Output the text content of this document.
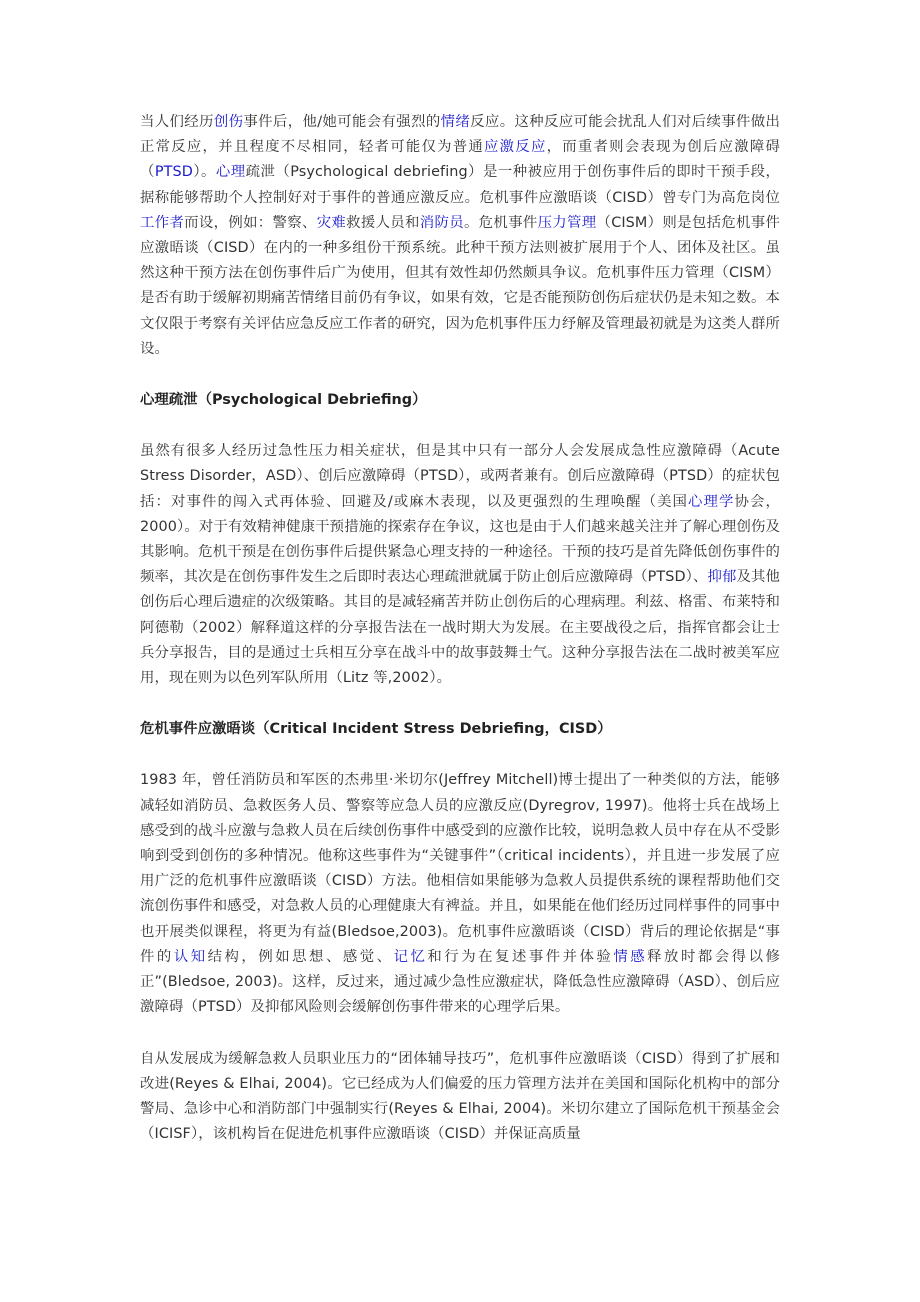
当人们经历创伤事件后，他/她可能会有强烈的情绪反应。这种反应可能会扰乱人们对后续事件做出正常反应，并且程度不尽相同，轻者可能仅为普通应激反应，而重者则会表现为创后应激障碍（PTSD）。心理疏泄（Psychological debriefing）是一种被应用于创伤事件后的即时干预手段，据称能够帮助个人控制好对于事件的普通应激反应。危机事件应激晤谈（CISD）曾专门为高危岗位工作者而设，例如：警察、灾难救援人员和消防员。危机事件压力管理（CISM）则是包括危机事件应激晤谈（CISD）在内的一种多组份干预系统。此种干预方法则被扩展用于个人、团体及社区。虽然这种干预方法在创伤事件后广为使用，但其有效性却仍然颇具争议。危机事件压力管理（CISM）是否有助于缓解初期痛苦情绪目前仍有争议，如果有效，它是否能预防创伤后症状仍是未知之数。本文仅限于考察有关评估应急反应工作者的研究，因为危机事件压力纾解及管理最初就是为这类人群所设。

心理疏泄（Psychological Debriefing）

虽然有很多人经历过急性压力相关症状，但是其中只有一部分人会发展成急性应激障碍（Acute Stress Disorder，ASD）、创后应激障碍（PTSD），或两者兼有。创后应激障碍（PTSD）的症状包括：对事件的闯入式再体验、回避及/或麻木表现，以及更强烈的生理唤醒（美国心理学协会，2000）。对于有效精神健康干预措施的探索存在争议，这也是由于人们越来越关注并了解心理创伤及其影响。危机干预是在创伤事件后提供紧急心理支持的一种途径。干预的技巧是首先降低创伤事件的频率，其次是在创伤事件发生之后即时表达心理疏泄就属于防止创后应激障碍（PTSD）、抑郁及其他创伤后心理后遗症的次级策略。其目的是减轻痛苦并防止创伤后的心理病理。利兹、格雷、布莱特和阿德勒（2002）解释道这样的分享报告法在一战时期大为发展。在主要战役之后，指挥官都会让士兵分享报告，目的是通过士兵相互分享在战斗中的故事鼓舞士气。这种分享报告法在二战时被美军应用，现在则为以色列军队所用（Litz 等,2002）。

危机事件应激晤谈（Critical Incident Stress Debriefing，CISD）

1983 年，曾任消防员和军医的杰弗里·米切尔(Jeffrey Mitchell)博士提出了一种类似的方法，能够减轻如消防员、急救医务人员、警察等应急人员的应激反应(Dyregrov, 1997)。他将士兵在战场上感受到的战斗应激与急救人员在后续创伤事件中感受到的应激作比较，说明急救人员中存在从不受影响到受到创伤的多种情况。他称这些事件为“关键事件”（critical incidents），并且进一步发展了应用广泛的危机事件应激晤谈（CISD）方法。他相信如果能够为急救人员提供系统的课程帮助他们交流创伤事件和感受，对急救人员的心理健康大有裨益。并且，如果能在他们经历过同样事件的同事中也开展类似课程，将更为有益(Bledsoe,2003)。危机事件应激晤谈（CISD）背后的理论依据是“事件的认知结构，例如思想、感觉、记忆和行为在复述事件并体验情感释放时都会得以修正”(Bledsoe, 2003)。这样，反过来，通过减少急性应激症状，降低急性应激障碍（ASD）、创后应激障碍（PTSD）及抑郁风险则会缓解创伤事件带来的心理学后果。

自从发展成为缓解急救人员职业压力的“团体辅导技巧”，危机事件应激晤谈（CISD）得到了扩展和改进(Reyes & Elhai, 2004)。它已经成为人们偏爱的压力管理方法并在美国和国际化机构中的部分警局、急诊中心和消防部门中强制实行(Reyes & Elhai, 2004)。米切尔建立了国际危机干预基金会（ICISF），该机构旨在促进危机事件应激晤谈（CISD）并保证高质量
